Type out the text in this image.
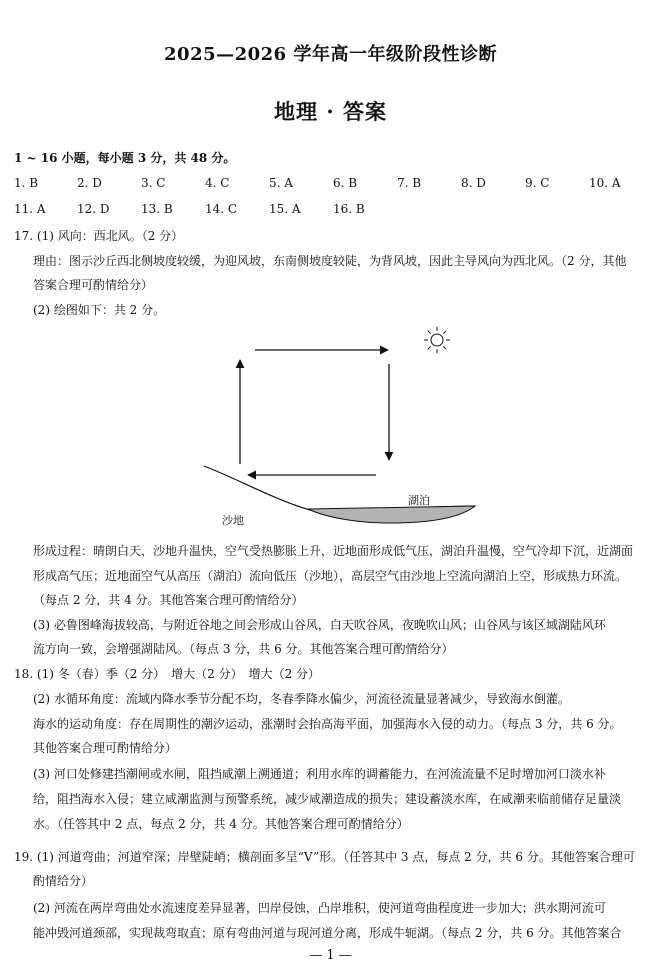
2025—2026 学年高一年级阶段性诊断
地理 · 答案
1 ~ 16 小题，每小题 3 分，共 48 分。
1. B	2. D	3. C	4. C	5. A	6. B	7. B	8. D	9. C	10. A
11. A	12. D	13. B	14. C	15. A	16. B
17. (1) 风向：西北风。（2 分）
理由：图示沙丘西北侧坡度较缓，为迎风坡，东南侧坡度较陡，为背风坡，因此主导风向为西北风。（2 分，其他
答案合理可酌情给分）
(2) 绘图如下：共 2 分。
湖泊
沙地
形成过程：晴朗白天，沙地升温快，空气受热膨胀上升，近地面形成低气压，湖泊升温慢，空气冷却下沉，近湖面
形成高气压；近地面空气从高压（湖泊）流向低压（沙地），高层空气由沙地上空流向湖泊上空，形成热力环流。
（每点 2 分，共 4 分。其他答案合理可酌情给分）
(3) 必鲁图峰海拔较高，与附近谷地之间会形成山谷风，白天吹谷风，夜晚吹山风；山谷风与该区域湖陆风环
流方向一致，会增强湖陆风。（每点 3 分，共 6 分。其他答案合理可酌情给分）
18. (1) 冬（春）季（2 分）　增大（2 分）　增大（2 分）
(2) 水循环角度：流域内降水季节分配不均，冬春季降水偏少，河流径流量显著减少，导致海水倒灌。
海水的运动角度：存在周期性的潮汐运动，涨潮时会抬高海平面，加强海水入侵的动力。（每点 3 分，共 6 分。
其他答案合理可酌情给分）
(3) 河口处修建挡潮闸或水闸，阻挡咸潮上溯通道；利用水库的调蓄能力，在河流流量不足时增加河口淡水补
给，阻挡海水入侵；建立咸潮监测与预警系统，减少咸潮造成的损失；建设蓄淡水库，在咸潮来临前储存足量淡
水。（任答其中 2 点，每点 2 分，共 4 分。其他答案合理可酌情给分）
19. (1) 河道弯曲；河道窄深；岸壁陡峭；横剖面多呈“V”形。（任答其中 3 点，每点 2 分，共 6 分。其他答案合理可
酌情给分）
(2) 河流在两岸弯曲处水流速度差异显著，凹岸侵蚀，凸岸堆积，使河道弯曲程度进一步加大；洪水期河流可
能冲毁河道颈部，实现裁弯取直；原有弯曲河道与现河道分离，形成牛轭湖。（每点 2 分，共 6 分。其他答案合
— 1 —
